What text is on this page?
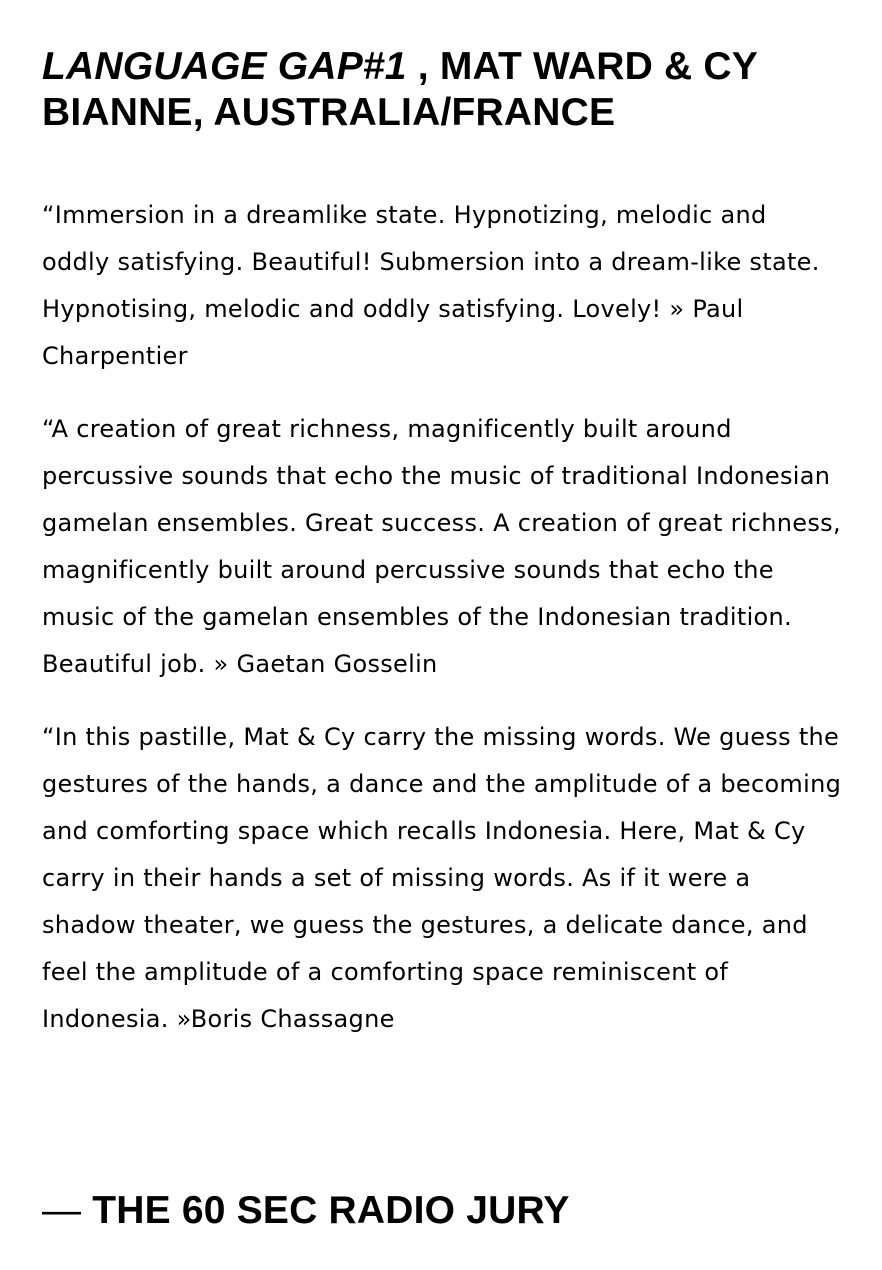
LANGUAGE GAP#1 , MAT WARD & CY BIANNE, AUSTRALIA/FRANCE

“Immersion in a dreamlike state. Hypnotizing, melodic and oddly satisfying. Beautiful! Submersion into a dream-like state. Hypnotising, melodic and oddly satisfying. Lovely! » Paul Charpentier

“A creation of great richness, magnificently built around percussive sounds that echo the music of traditional Indonesian gamelan ensembles. Great success. A creation of great richness, magnificently built around percussive sounds that echo the music of the gamelan ensembles of the Indonesian tradition. Beautiful job. » Gaetan Gosselin

“In this pastille, Mat & Cy carry the missing words. We guess the gestures of the hands, a dance and the amplitude of a becoming and comforting space which recalls Indonesia. Here, Mat & Cy carry in their hands a set of missing words. As if it were a shadow theater, we guess the gestures, a delicate dance, and feel the amplitude of a comforting space reminiscent of Indonesia. »Boris Chassagne

— THE 60 SEC RADIO JURY
